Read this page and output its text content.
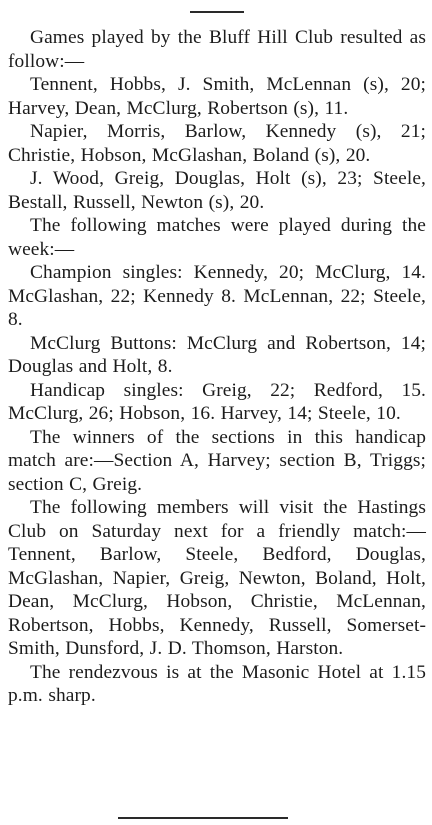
Games played by the Bluff Hill Club resulted as follow:—

Tennent, Hobbs, J. Smith, McLennan (s), 20; Harvey, Dean, McClurg, Robertson (s), 11.

Napier, Morris, Barlow, Kennedy (s), 21; Christie, Hobson, McGlashan, Boland (s), 20.

J. Wood, Greig, Douglas, Holt (s), 23; Steele, Bestall, Russell, Newton (s), 20.

The following matches were played during the week:—

Champion singles: Kennedy, 20; McClurg, 14. McGlashan, 22; Kennedy 8. McLennan, 22; Steele, 8.

McClurg Buttons: McClurg and Robertson, 14; Douglas and Holt, 8.

Handicap singles: Greig, 22; Redford, 15. McClurg, 26; Hobson, 16. Harvey, 14; Steele, 10.

The winners of the sections in this handicap match are:—Section A, Harvey; section B, Triggs; section C, Greig.

The following members will visit the Hastings Club on Saturday next for a friendly match:—Tennent, Barlow, Steele, Bedford, Douglas, McGlashan, Napier, Greig, Newton, Boland, Holt, Dean, McClurg, Hobson, Christie, McLennan, Robertson, Hobbs, Kennedy, Russell, Somerset-Smith, Dunsford, J. D. Thomson, Harston.

The rendezvous is at the Masonic Hotel at 1.15 p.m. sharp.
